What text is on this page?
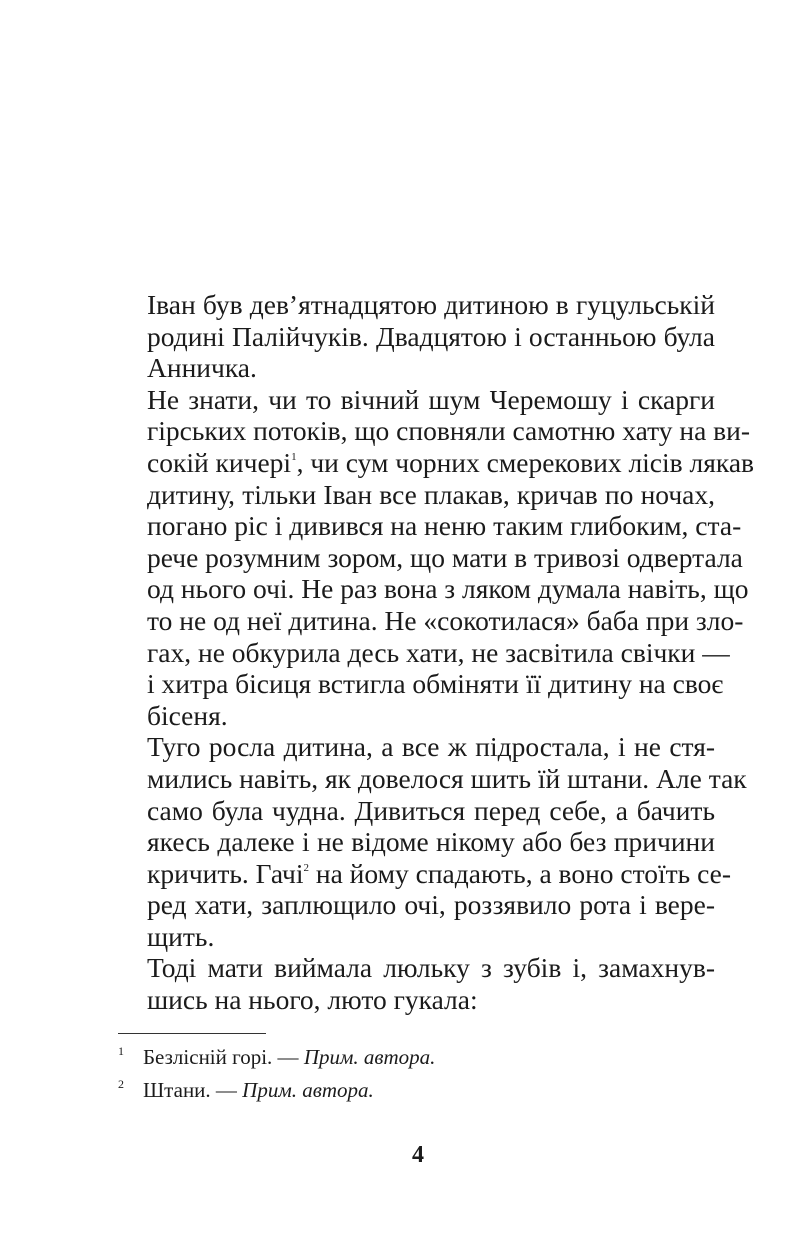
Іван був дев’ятнадцятою дитиною в гуцульській
родині Палійчуків. Двадцятою і останньою була
Анничка.

Не знати, чи то вічний шум Черемошу і скарги
гірських потоків, що сповняли самотню хату на ви-
сокій кичері$^1$, чи сум чорних смерекових лісів лякав
дитину, тільки Іван все плакав, кричав по ночах,
погано ріс і дивився на неню таким глибоким, ста-
рече розумним зором, що мати в тривозі одвертала
од нього очі. Не раз вона з ляком думала навіть, що
то не од неї дитина. Не «сокотилася» баба при зло-
гах, не обкурила десь хати, не засвітила свічки —
і хитра бісиця встигла обміняти її дитину на своє
бісеня.

Туго росла дитина, а все ж підростала, і не стя-
мились навіть, як довелося шить їй штани. Але так
само була чудна. Дивиться перед себе, а бачить
якесь далеке і не відоме нікому або без причини
кричить. Гачі$^2$ на йому спадають, а воно стоїть се-
ред хати, заплющило очі, роззявило рота і вере-
щить.

Тоді мати виймала люльку з зубів і, замахнув-
шись на нього, люто гукала:

1 Безлісній горі. — Прим. автора.
2 Штани. — Прим. автора.
4
